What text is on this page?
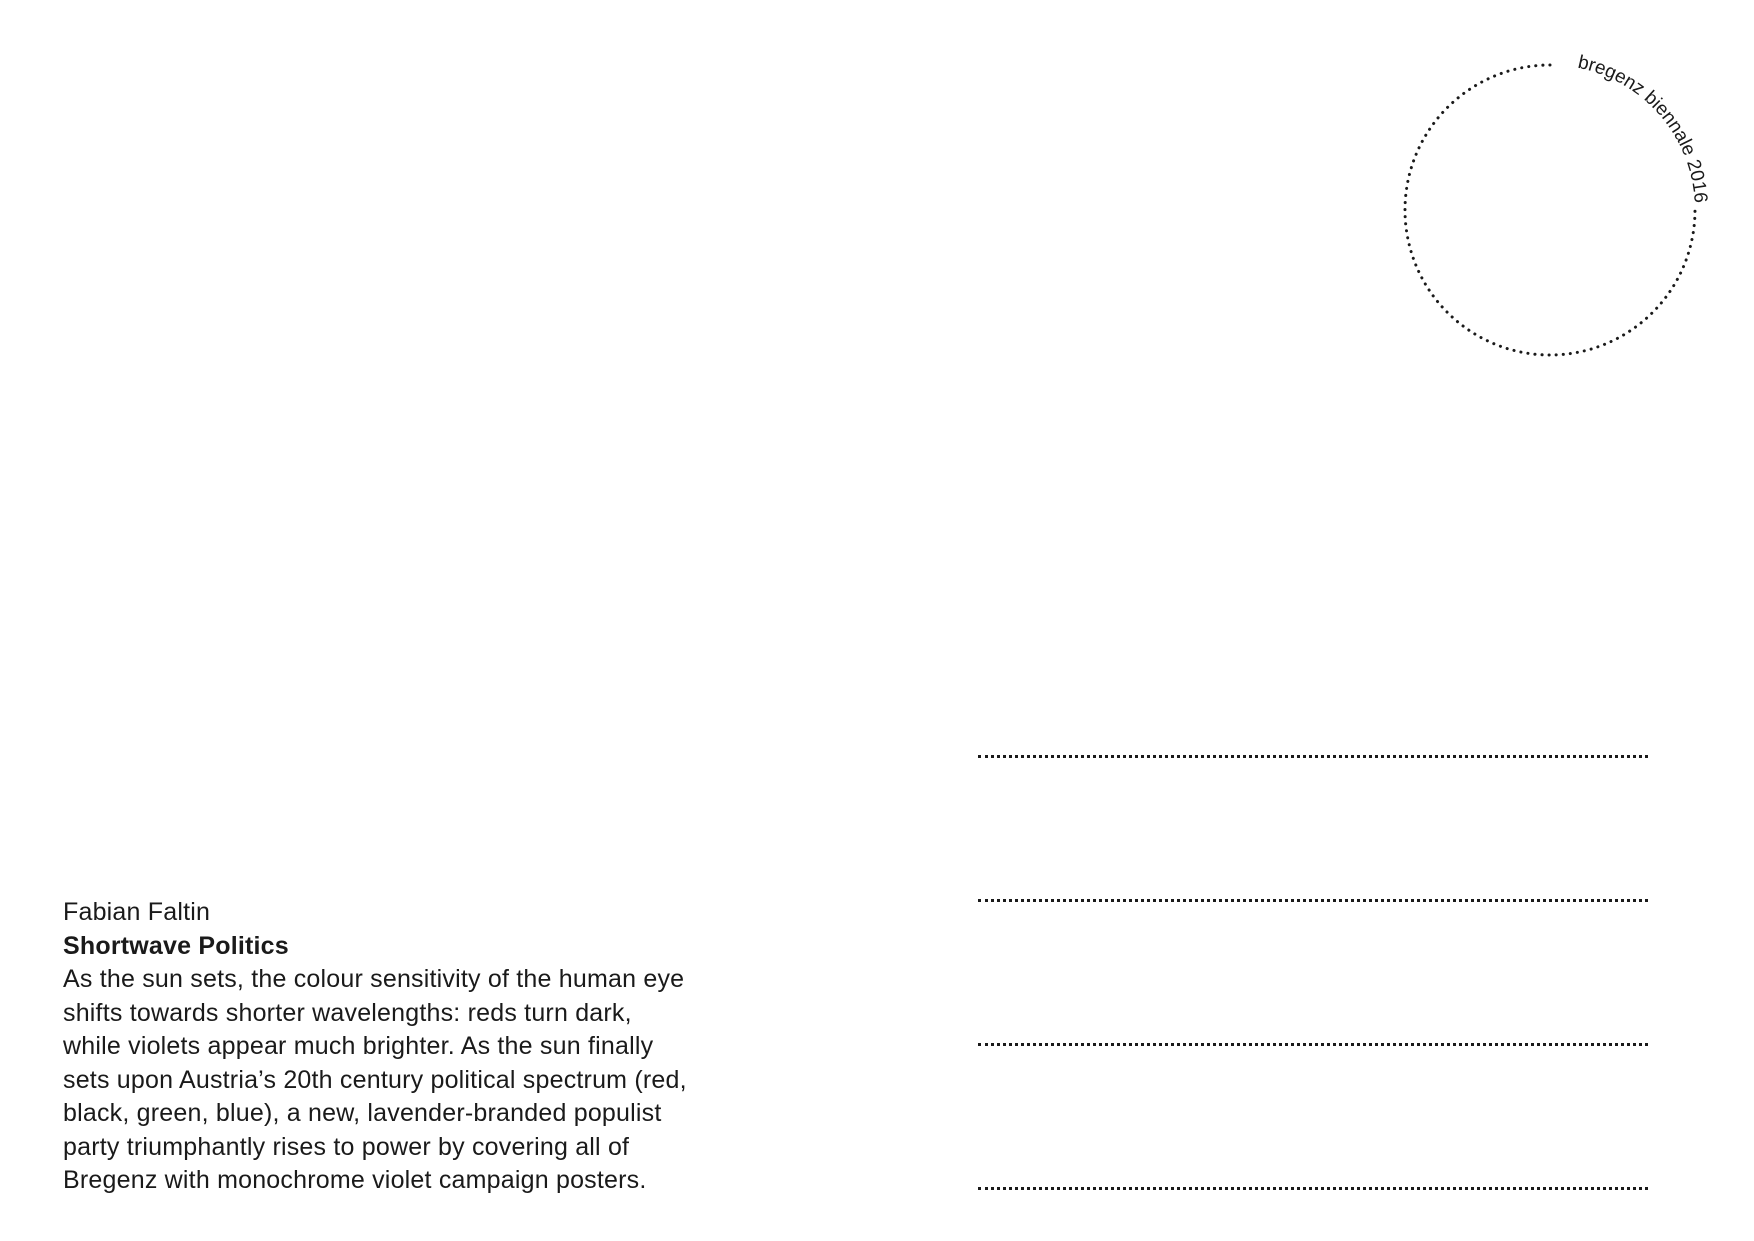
bregenz biennale 2016
Fabian Faltin
Shortwave Politics
As the sun sets, the colour sensitivity of the human eye
shifts towards shorter wavelengths: reds turn dark,
while violets appear much brighter. As the sun finally
sets upon Austria’s 20th century political spectrum (red,
black, green, blue), a new, lavender-branded populist
party triumphantly rises to power by covering all of
Bregenz with monochrome violet campaign posters.
